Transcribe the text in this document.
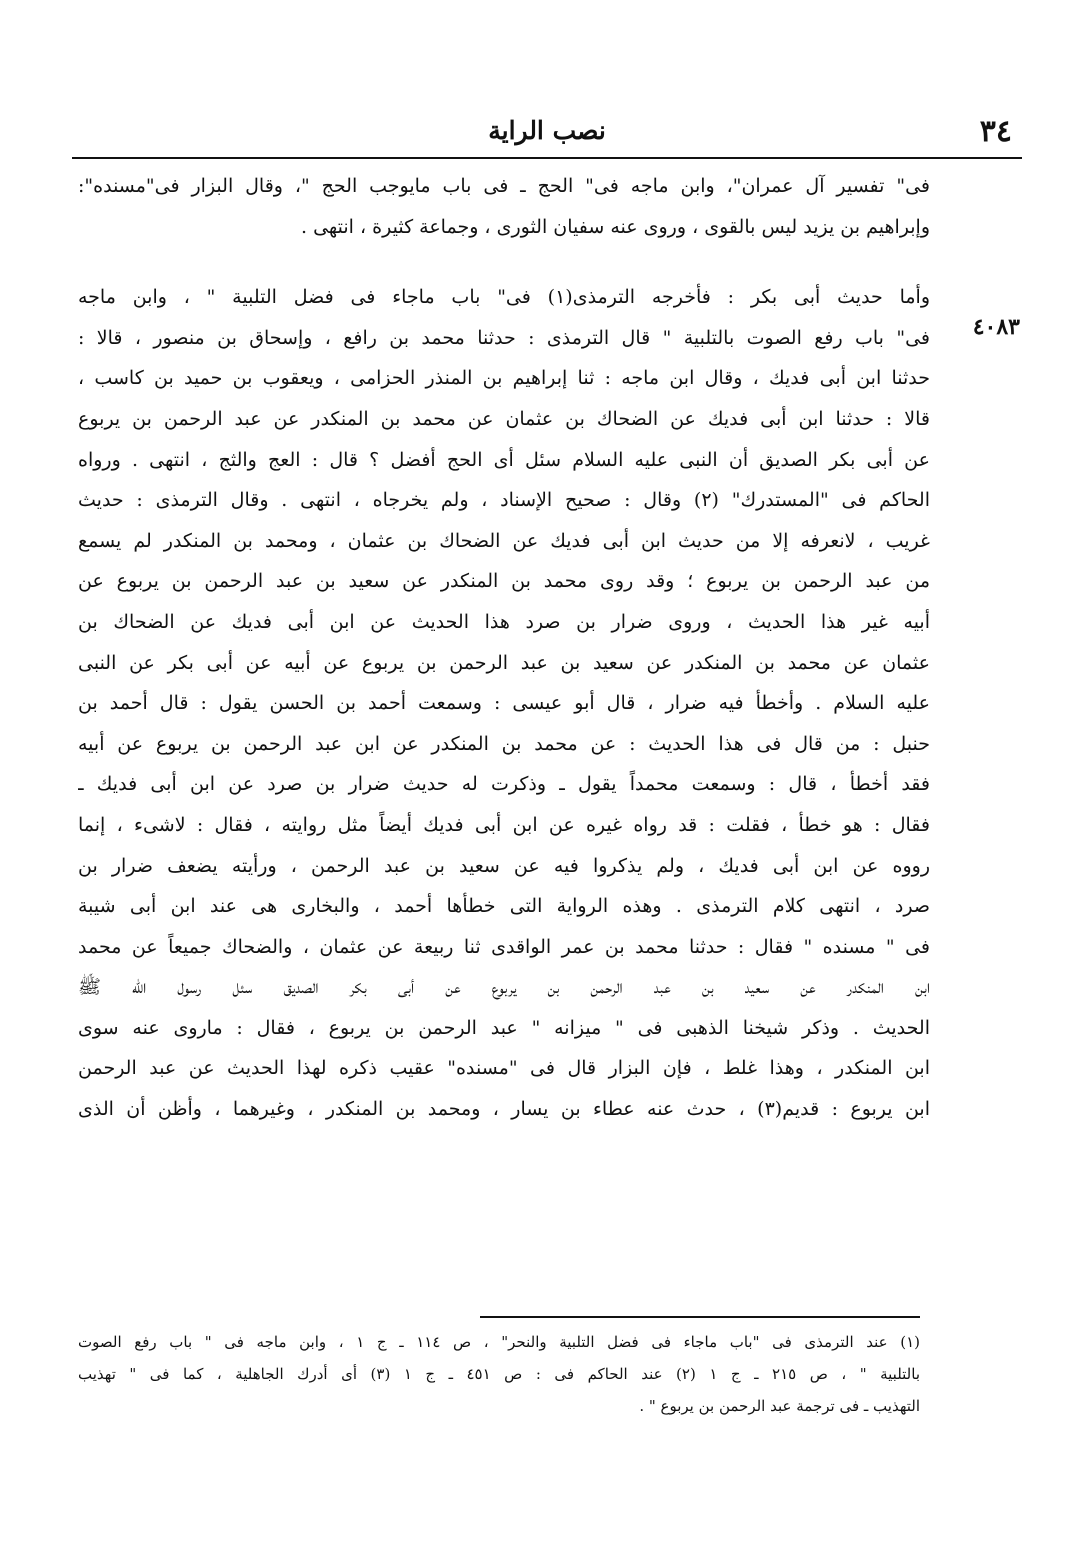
٣٤
نصب الراية
٤٠٨٣
فى" تفسير آل عمران"، وابن ماجه فى" الحج ـ فى باب مايوجب الحج "، وقال البزار فى"مسنده":
وإبراهيم بن يزيد ليس بالقوى ، وروى عنه سفيان الثورى ، وجماعة كثيرة ، انتهى .
وأما حديث أبى بكر : فأخرجه الترمذى(١) فى" باب ماجاء فى فضل التلبية " ، وابن ماجه
فى" باب رفع الصوت بالتلبية " قال الترمذى : حدثنا محمد بن رافع ، وإسحاق بن منصور ، قالا :
حدثنا ابن أبى فديك ، وقال ابن ماجه : ثنا إبراهيم بن المنذر الحزامى ، ويعقوب بن حميد بن كاسب ،
قالا : حدثنا ابن أبى فديك عن الضحاك بن عثمان عن محمد بن المنكدر عن عبد الرحمن بن يربوع
عن أبى بكر الصديق أن النبى عليه السلام سئل أى الحج أفضل ؟ قال : العج والثج ، انتهى . ورواه
الحاكم فى "المستدرك" (٢) وقال : صحيح الإسناد ، ولم يخرجاه ، انتهى . وقال الترمذى : حديث
غريب ، لانعرفه إلا من حديث ابن أبى فديك عن الضحاك بن عثمان ، ومحمد بن المنكدر لم يسمع
من عبد الرحمن بن يربوع ؛ وقد روى محمد بن المنكدر عن سعيد بن عبد الرحمن بن يربوع عن
أبيه غير هذا الحديث ، وروى ضرار بن صرد هذا الحديث عن ابن أبى فديك عن الضحاك بن
عثمان عن محمد بن المنكدر عن سعيد بن عبد الرحمن بن يربوع عن أبيه عن أبى بكر عن النبى
عليه السلام . وأخطأ فيه ضرار ، قال أبو عيسى : وسمعت أحمد بن الحسن يقول : قال أحمد بن
حنبل : من قال فى هذا الحديث : عن محمد بن المنكدر عن ابن عبد الرحمن بن يربوع عن أبيه
فقد أخطأ ، قال : وسمعت محمداً يقول ـ وذكرت له حديث ضرار بن صرد عن ابن أبى فديك ـ
فقال : هو خطأ ، فقلت : قد رواه غيره عن ابن أبى فديك أيضاً مثل روايته ، فقال : لاشىء ، إنما
رووه عن ابن أبى فديك ، ولم يذكروا فيه عن سعيد بن عبد الرحمن ، ورأيته يضعف ضرار بن
صرد ، انتهى كلام الترمذى . وهذه الرواية التى خطأها أحمد ، والبخارى هى عند ابن أبى شيبة
فى " مسنده " فقال : حدثنا محمد بن عمر الواقدى ثنا ربيعة عن عثمان ، والضحاك جميعاً عن محمد
ابن المنكدر عن سعيد بن عبد الرحمن بن يربوع عن أبى بكر الصديق سئل رسول الله ﷺ
الحديث . وذكر شيخنا الذهبى فى " ميزانه " عبد الرحمن بن يربوع ، فقال : ماروى عنه سوى
ابن المنكدر ، وهذا غلط ، فإن البزار قال فى "مسنده" عقيب ذكره لهذا الحديث عن عبد الرحمن
ابن يربوع : قديم(٣) ، حدث عنه عطاء بن يسار ، ومحمد بن المنكدر ، وغيرهما ، وأظن أن الذى
(١) عند الترمذى فى "باب ماجاء فى فضل التلبية والنحر" ، ص ١١٤ ـ ج ١ ، وابن ماجه فى " باب رفع الصوت
بالتلبية " ، ص ٢١٥ ـ ج ١ (٢) عند الحاكم فى : ص ٤٥١ ـ ج ١ (٣) أى أدرك الجاهلية ، كما فى " تهذيب
التهذيب ـ فى ترجمة عبد الرحمن بن يربوع " .
